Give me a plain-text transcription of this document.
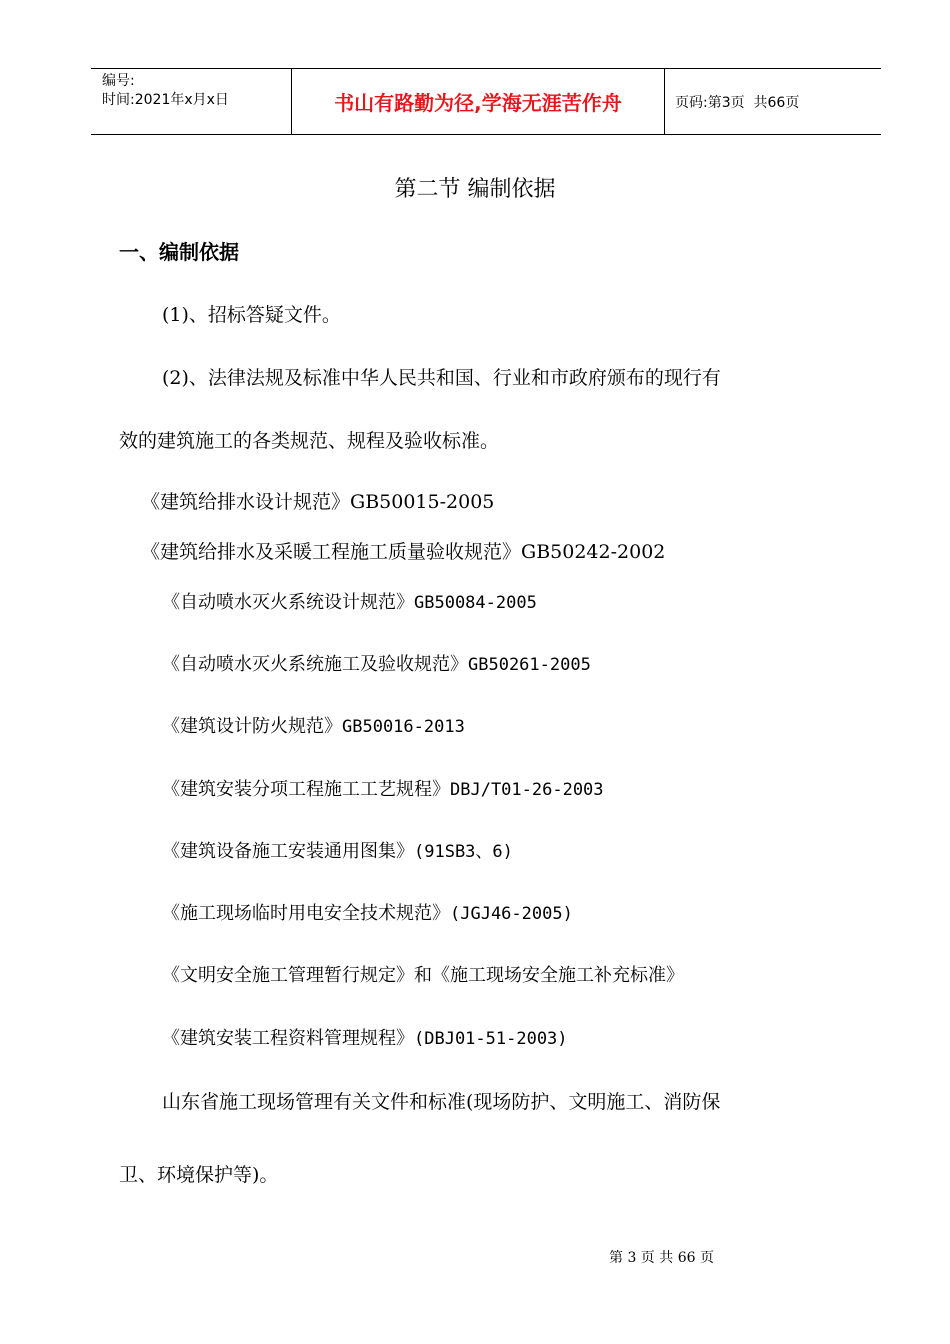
编号:
时间:2021年x月x日	书山有路勤为径,学海无涯苦作舟	页码:第3页  共66页
第二节 编制依据
一、编制依据
(1)、招标答疑文件。
(2)、法律法规及标准中华人民共和国、行业和市政府颁布的现行有
效的建筑施工的各类规范、规程及验收标准。
《建筑给排水设计规范》GB50015-2005
《建筑给排水及采暖工程施工质量验收规范》GB50242-2002
《自动喷水灭火系统设计规范》GB50084-2005
《自动喷水灭火系统施工及验收规范》GB50261-2005
《建筑设计防火规范》GB50016-2013
《建筑安装分项工程施工工艺规程》DBJ/T01-26-2003
《建筑设备施工安装通用图集》(91SB3、6)
《施工现场临时用电安全技术规范》(JGJ46-2005)
《文明安全施工管理暂行规定》和《施工现场安全施工补充标准》
《建筑安装工程资料管理规程》(DBJ01-51-2003)
山东省施工现场管理有关文件和标准(现场防护、文明施工、消防保
卫、环境保护等)。
第 3 页 共 66 页
